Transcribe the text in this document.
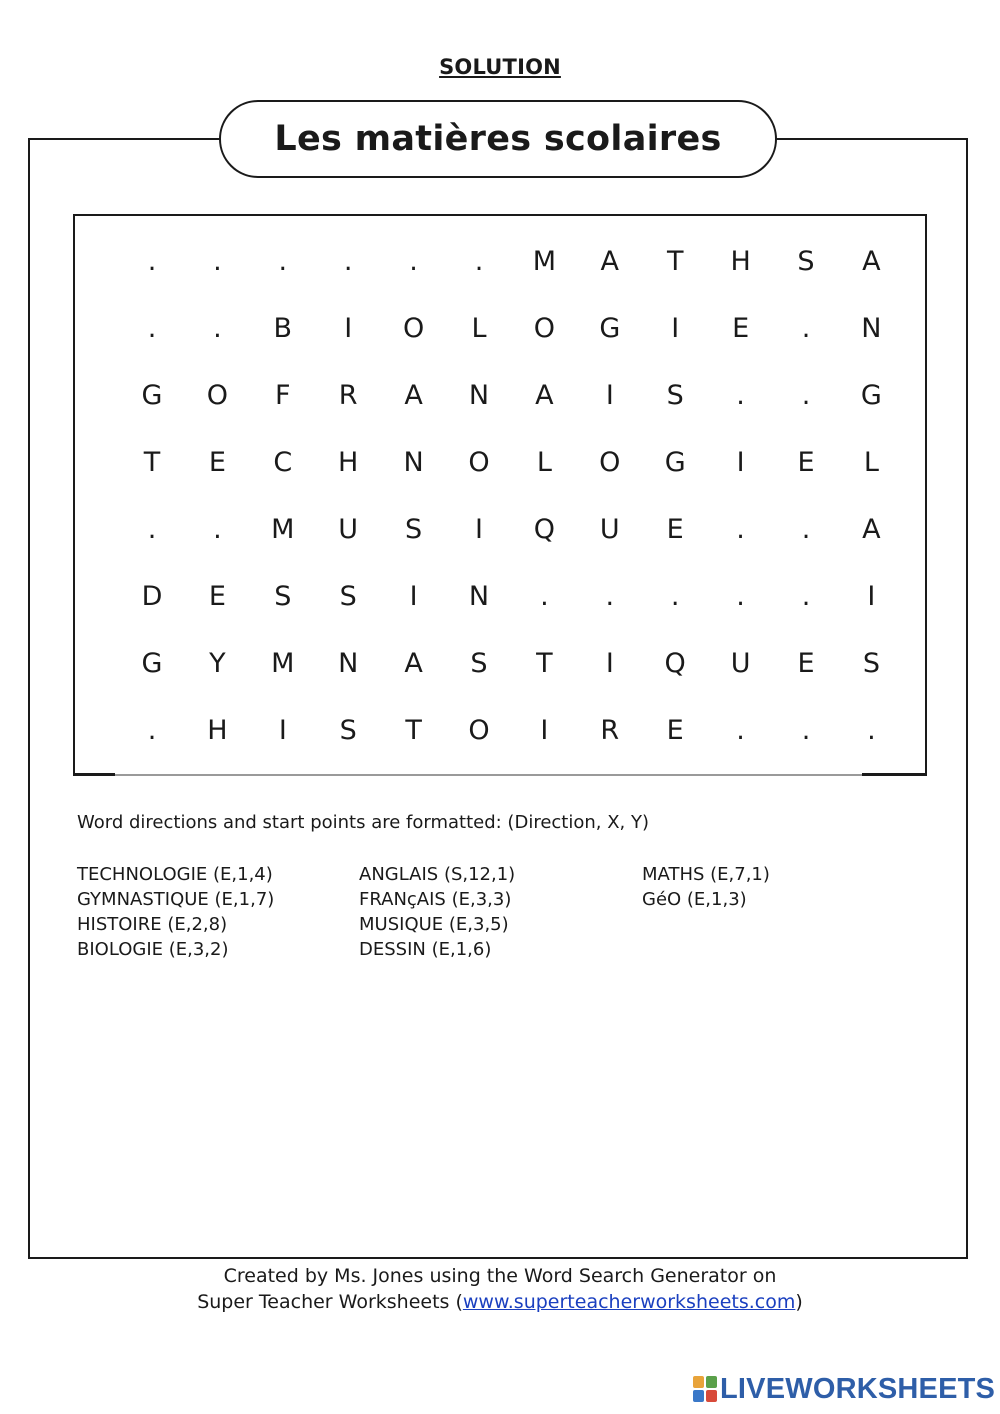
SOLUTION
Les matières scolaires
.	.	.	.	.	.	M	A	T	H	S	A
.	.	B	I	O	L	O	G	I	E	.	N
G	O	F	R	A	N	A	I	S	.	.	G
T	E	C	H	N	O	L	O	G	I	E	L
.	.	M	U	S	I	Q	U	E	.	.	A
D	E	S	S	I	N	.	.	.	.	.	I
G	Y	M	N	A	S	T	I	Q	U	E	S
.	H	I	S	T	O	I	R	E	.	.	.
Word directions and start points are formatted: (Direction, X, Y)
TECHNOLOGIE (E,1,4)
GYMNASTIQUE (E,1,7)
HISTOIRE (E,2,8)
BIOLOGIE (E,3,2)
ANGLAIS (S,12,1)
FRANçAIS (E,3,3)
MUSIQUE (E,3,5)
DESSIN (E,1,6)
MATHS (E,7,1)
GéO (E,1,3)
Created by Ms. Jones using the Word Search Generator on
Super Teacher Worksheets (www.superteacherworksheets.com)
LIVEWORKSHEETS
